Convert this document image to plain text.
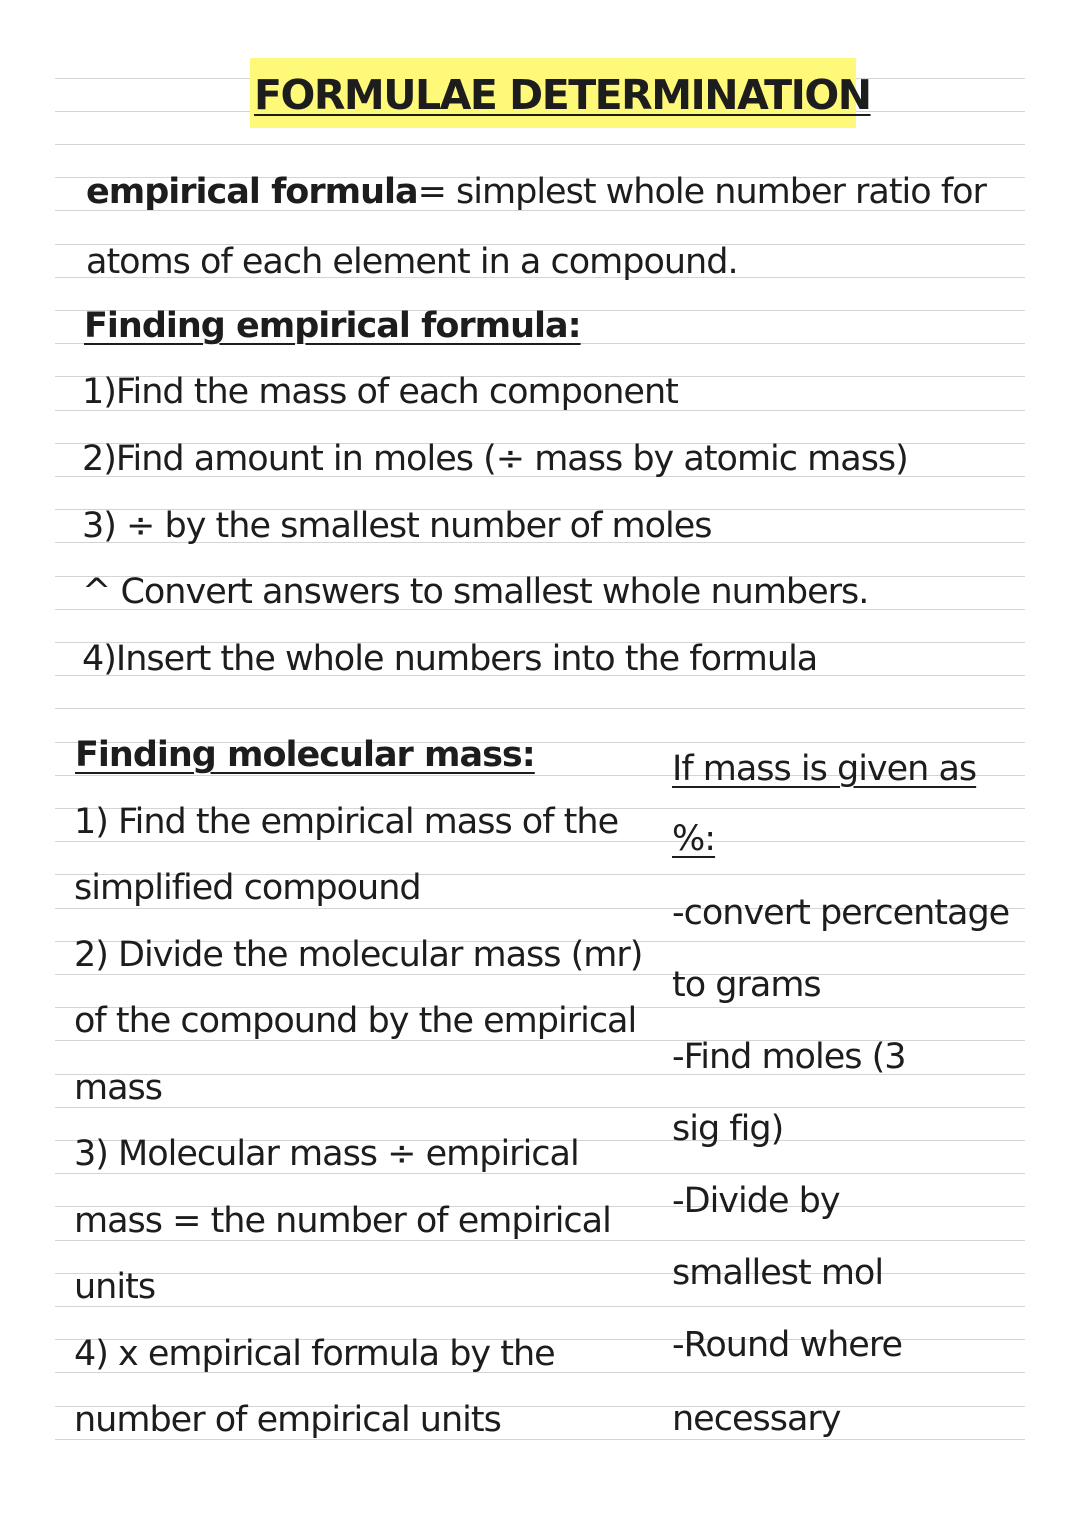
FORMULAE DETERMINATION
empirical formula= simplest whole number ratio for
atoms of each element in a compound.
Finding empirical formula:
1)Find the mass of each component
2)Find amount in moles (÷ mass by atomic mass)
3) ÷ by the smallest number of moles
^ Convert answers to smallest whole numbers.
4)Insert the whole numbers into the formula
Finding molecular mass:
1) Find the empirical mass of the
simplified compound
2) Divide the molecular mass (mr)
of the compound by the empirical
mass
3) Molecular mass ÷ empirical
mass = the number of empirical
units
4) x empirical formula by the
number of empirical units
If mass is given as
%:
-convert percentage
to grams
-Find moles (3
sig fig)
-Divide by
smallest mol
-Round where
necessary
